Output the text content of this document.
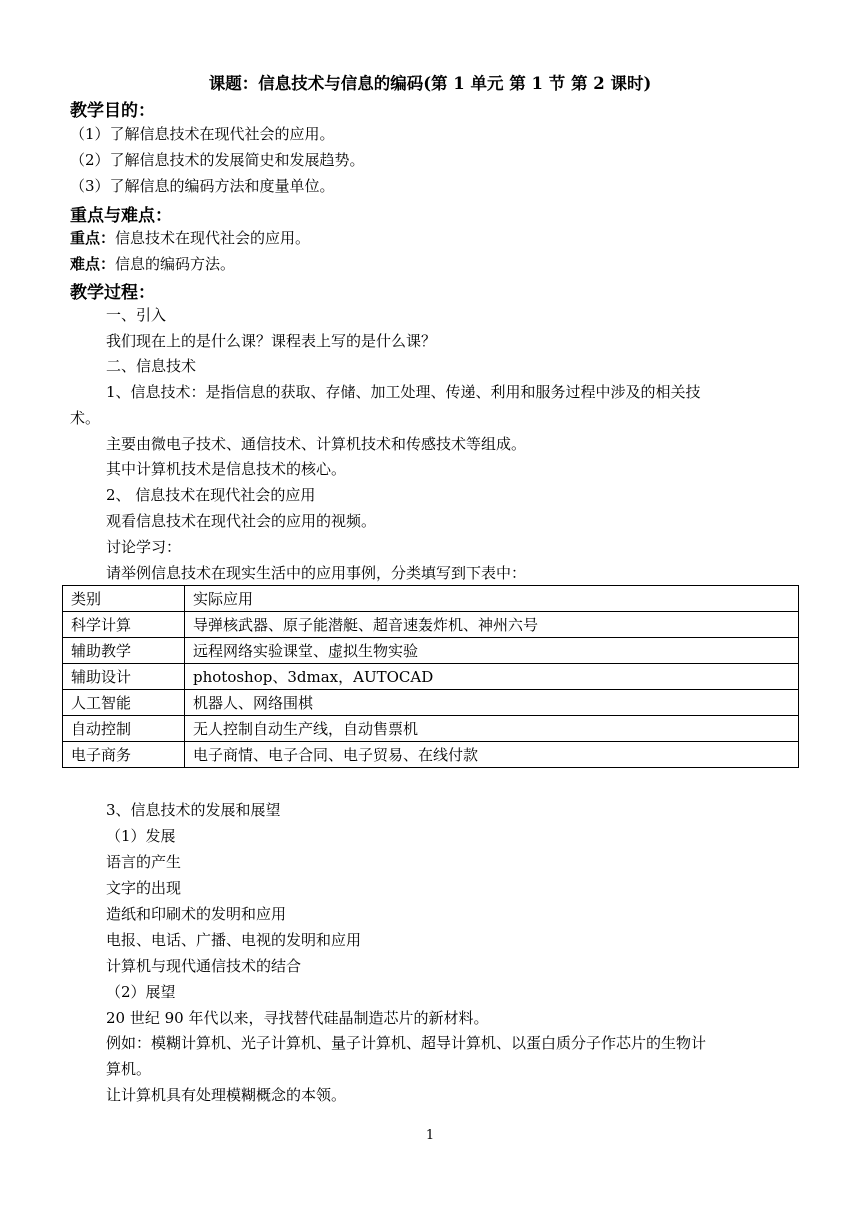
课题：信息技术与信息的编码(第 1 单元 第 1 节 第 2 课时)
教学目的：
（1）了解信息技术在现代社会的应用。
（2）了解信息技术的发展简史和发展趋势。
（3）了解信息的编码方法和度量单位。
重点与难点：
重点：信息技术在现代社会的应用。
难点：信息的编码方法。
教学过程：
一、引入
我们现在上的是什么课？课程表上写的是什么课？
二、信息技术
1、信息技术：是指信息的获取、存储、加工处理、传递、利用和服务过程中涉及的相关技
术。
主要由微电子技术、通信技术、计算机技术和传感技术等组成。
其中计算机技术是信息技术的核心。
2、 信息技术在现代社会的应用
观看信息技术在现代社会的应用的视频。
讨论学习：
请举例信息技术在现实生活中的应用事例，分类填写到下表中：
类别	实际应用
科学计算	导弹核武器、原子能潜艇、超音速轰炸机、神州六号
辅助教学	远程网络实验课堂、虚拟生物实验
辅助设计	photoshop、3dmax，AUTOCAD
人工智能	机器人、网络围棋
自动控制	无人控制自动生产线，自动售票机
电子商务	电子商情、电子合同、电子贸易、在线付款
3、信息技术的发展和展望
（1）发展
语言的产生
文字的出现
造纸和印刷术的发明和应用
电报、电话、广播、电视的发明和应用
计算机与现代通信技术的结合
（2）展望
20 世纪 90 年代以来，寻找替代硅晶制造芯片的新材料。
例如：模糊计算机、光子计算机、量子计算机、超导计算机、以蛋白质分子作芯片的生物计
算机。
让计算机具有处理模糊概念的本领。
1
